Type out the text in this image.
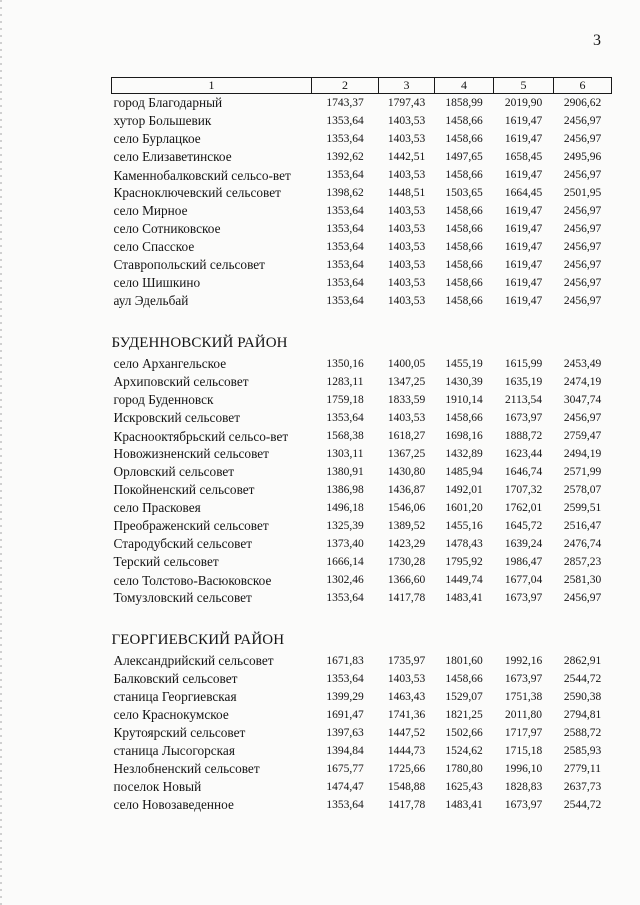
3
1	2	3	4	5	6
город Благодарный	1743,37	1797,43	1858,99	2019,90	2906,62
хутор Большевик	1353,64	1403,53	1458,66	1619,47	2456,97
село Бурлацкое	1353,64	1403,53	1458,66	1619,47	2456,97
село Елизаветинское	1392,62	1442,51	1497,65	1658,45	2495,96
Каменнобалковский сельсо-вет	1353,64	1403,53	1458,66	1619,47	2456,97
Красноключевский сельсовет	1398,62	1448,51	1503,65	1664,45	2501,95
село Мирное	1353,64	1403,53	1458,66	1619,47	2456,97
село Сотниковское	1353,64	1403,53	1458,66	1619,47	2456,97
село Спасское	1353,64	1403,53	1458,66	1619,47	2456,97
Ставропольский сельсовет	1353,64	1403,53	1458,66	1619,47	2456,97
село Шишкино	1353,64	1403,53	1458,66	1619,47	2456,97
аул Эдельбай	1353,64	1403,53	1458,66	1619,47	2456,97
БУДЕННОВСКИЙ РАЙОН					
село Архангельское	1350,16	1400,05	1455,19	1615,99	2453,49
Архиповский сельсовет	1283,11	1347,25	1430,39	1635,19	2474,19
город Буденновск	1759,18	1833,59	1910,14	2113,54	3047,74
Искровский сельсовет	1353,64	1403,53	1458,66	1673,97	2456,97
Краснооктябрьский сельсо-вет	1568,38	1618,27	1698,16	1888,72	2759,47
Новожизненский сельсовет	1303,11	1367,25	1432,89	1623,44	2494,19
Орловский сельсовет	1380,91	1430,80	1485,94	1646,74	2571,99
Покойненский сельсовет	1386,98	1436,87	1492,01	1707,32	2578,07
село Прасковея	1496,18	1546,06	1601,20	1762,01	2599,51
Преображенский сельсовет	1325,39	1389,52	1455,16	1645,72	2516,47
Стародубский сельсовет	1373,40	1423,29	1478,43	1639,24	2476,74
Терский сельсовет	1666,14	1730,28	1795,92	1986,47	2857,23
село Толстово-Васюковское	1302,46	1366,60	1449,74	1677,04	2581,30
Томузловский сельсовет	1353,64	1417,78	1483,41	1673,97	2456,97
ГЕОРГИЕВСКИЙ РАЙОН					
Александрийский сельсовет	1671,83	1735,97	1801,60	1992,16	2862,91
Балковский сельсовет	1353,64	1403,53	1458,66	1673,97	2544,72
станица Георгиевская	1399,29	1463,43	1529,07	1751,38	2590,38
село Краснокумское	1691,47	1741,36	1821,25	2011,80	2794,81
Крутоярский сельсовет	1397,63	1447,52	1502,66	1717,97	2588,72
станица Лысогорская	1394,84	1444,73	1524,62	1715,18	2585,93
Незлобненский сельсовет	1675,77	1725,66	1780,80	1996,10	2779,11
поселок Новый	1474,47	1548,88	1625,43	1828,83	2637,73
село Новозаведенное	1353,64	1417,78	1483,41	1673,97	2544,72
